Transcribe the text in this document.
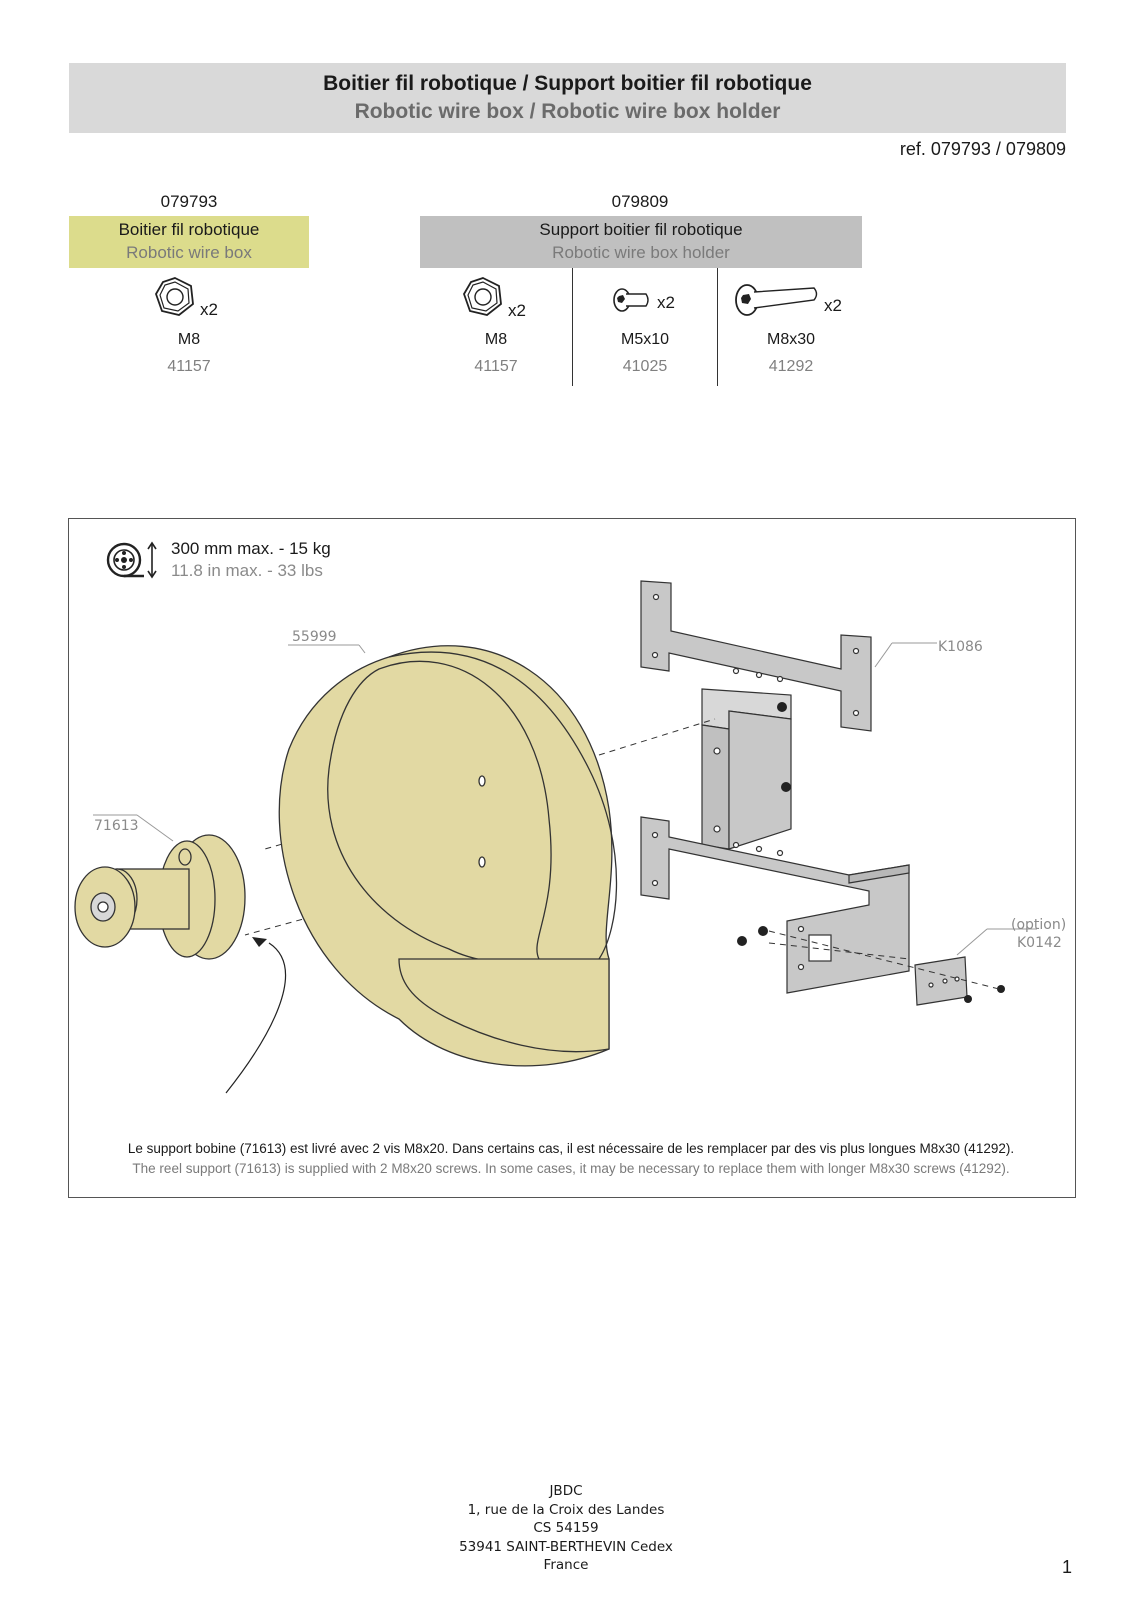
Boitier fil robotique / Support boitier fil robotique
Robotic wire box / Robotic wire box holder
ref. 079793 / 079809
079793
Boitier fil robotique
Robotic wire box
x2
M8
41157
079809
Support boitier fil robotique
Robotic wire box holder
x2
M8
41157
x2
M5x10
41025
x2
M8x30
41292
300 mm max. - 15 kg
11.8 in max. - 33 lbs
55999
K1086
71613
(option)
K0142
Le support bobine (71613) est livré avec 2 vis M8x20. Dans certains cas, il est nécessaire de les remplacer par des vis plus longues M8x30 (41292).
The reel support (71613) is supplied with 2 M8x20 screws. In some cases, it may be necessary to replace them with longer M8x30 screws (41292).
JBDC
1, rue de la Croix des Landes
CS 54159
53941 SAINT-BERTHEVIN Cedex
France	1
